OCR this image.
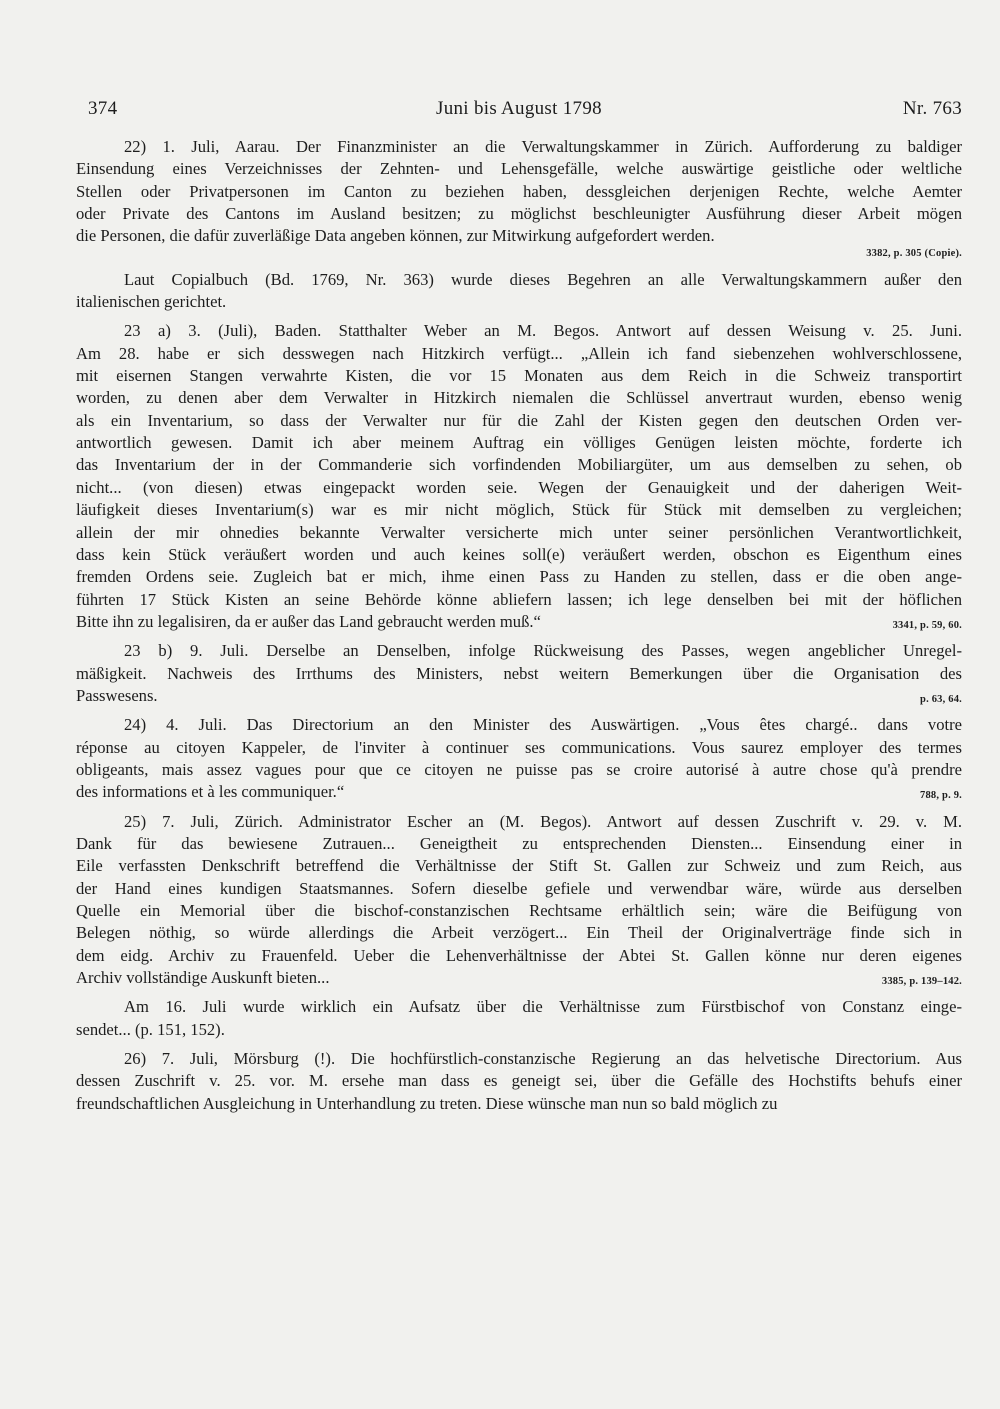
374	Juni bis August 1798	Nr. 763
22) 1. Juli, Aarau. Der Finanzminister an die Verwaltungskammer in Zürich. Aufforderung zu baldiger
Einsendung eines Verzeichnisses der Zehnten- und Lehensgefälle, welche auswärtige geistliche oder weltliche
Stellen oder Privatpersonen im Canton zu beziehen haben, dessgleichen derjenigen Rechte, welche Aemter
oder Private des Cantons im Ausland besitzen; zu möglichst beschleunigter Ausführung dieser Arbeit mögen
die Personen, die dafür zuverläßige Data angeben können, zur Mitwirkung aufgefordert werden.
3382, p. 305 (Copie).
Laut Copialbuch (Bd. 1769, Nr. 363) wurde dieses Begehren an alle Verwaltungskammern außer den
italienischen gerichtet.
23 a) 3. (Juli), Baden. Statthalter Weber an M. Begos. Antwort auf dessen Weisung v. 25. Juni.
Am 28. habe er sich desswegen nach Hitzkirch verfügt... „Allein ich fand siebenzehen wohlverschlossene,
mit eisernen Stangen verwahrte Kisten, die vor 15 Monaten aus dem Reich in die Schweiz transportirt
worden, zu denen aber dem Verwalter in Hitzkirch niemalen die Schlüssel anvertraut wurden, ebenso wenig
als ein Inventarium, so dass der Verwalter nur für die Zahl der Kisten gegen den deutschen Orden ver-
antwortlich gewesen. Damit ich aber meinem Auftrag ein völliges Genügen leisten möchte, forderte ich
das Inventarium der in der Commanderie sich vorfindenden Mobiliargüter, um aus demselben zu sehen, ob
nicht... (von diesen) etwas eingepackt worden seie. Wegen der Genauigkeit und der daherigen Weit-
läufigkeit dieses Inventarium(s) war es mir nicht möglich, Stück für Stück mit demselben zu vergleichen;
allein der mir ohnedies bekannte Verwalter versicherte mich unter seiner persönlichen Verantwortlichkeit,
dass kein Stück veräußert worden und auch keines soll(e) veräußert werden, obschon es Eigenthum eines
fremden Ordens seie. Zugleich bat er mich, ihme einen Pass zu Handen zu stellen, dass er die oben ange-
führten 17 Stück Kisten an seine Behörde könne abliefern lassen; ich lege denselben bei mit der höflichen
Bitte ihn zu legalisiren, da er außer das Land gebraucht werden muß.“	3341, p. 59, 60.
23 b) 9. Juli. Derselbe an Denselben, infolge Rückweisung des Passes, wegen angeblicher Unregel-
mäßigkeit. Nachweis des Irrthums des Ministers, nebst weitern Bemerkungen über die Organisation des
Passwesens.	p. 63, 64.
24) 4. Juli. Das Directorium an den Minister des Auswärtigen. „Vous êtes chargé.. dans votre
réponse au citoyen Kappeler, de l'inviter à continuer ses communications. Vous saurez employer des termes
obligeants, mais assez vagues pour que ce citoyen ne puisse pas se croire autorisé à autre chose qu'à prendre
des informations et à les communiquer.“	788, p. 9.
25) 7. Juli, Zürich. Administrator Escher an (M. Begos). Antwort auf dessen Zuschrift v. 29. v. M.
Dank für das bewiesene Zutrauen... Geneigtheit zu entsprechenden Diensten... Einsendung einer in
Eile verfassten Denkschrift betreffend die Verhältnisse der Stift St. Gallen zur Schweiz und zum Reich, aus
der Hand eines kundigen Staatsmannes. Sofern dieselbe gefiele und verwendbar wäre, würde aus derselben
Quelle ein Memorial über die bischof-constanzischen Rechtsame erhältlich sein; wäre die Beifügung von
Belegen nöthig, so würde allerdings die Arbeit verzögert... Ein Theil der Originalverträge finde sich in
dem eidg. Archiv zu Frauenfeld. Ueber die Lehenverhältnisse der Abtei St. Gallen könne nur deren eigenes
Archiv vollständige Auskunft bieten...	3385, p. 139–142.
Am 16. Juli wurde wirklich ein Aufsatz über die Verhältnisse zum Fürstbischof von Constanz einge-
sendet... (p. 151, 152).
26) 7. Juli, Mörsburg (!). Die hochfürstlich-constanzische Regierung an das helvetische Directorium. Aus
dessen Zuschrift v. 25. vor. M. ersehe man dass es geneigt sei, über die Gefälle des Hochstifts behufs einer
freundschaftlichen Ausgleichung in Unterhandlung zu treten. Diese wünsche man nun so bald möglich zu
